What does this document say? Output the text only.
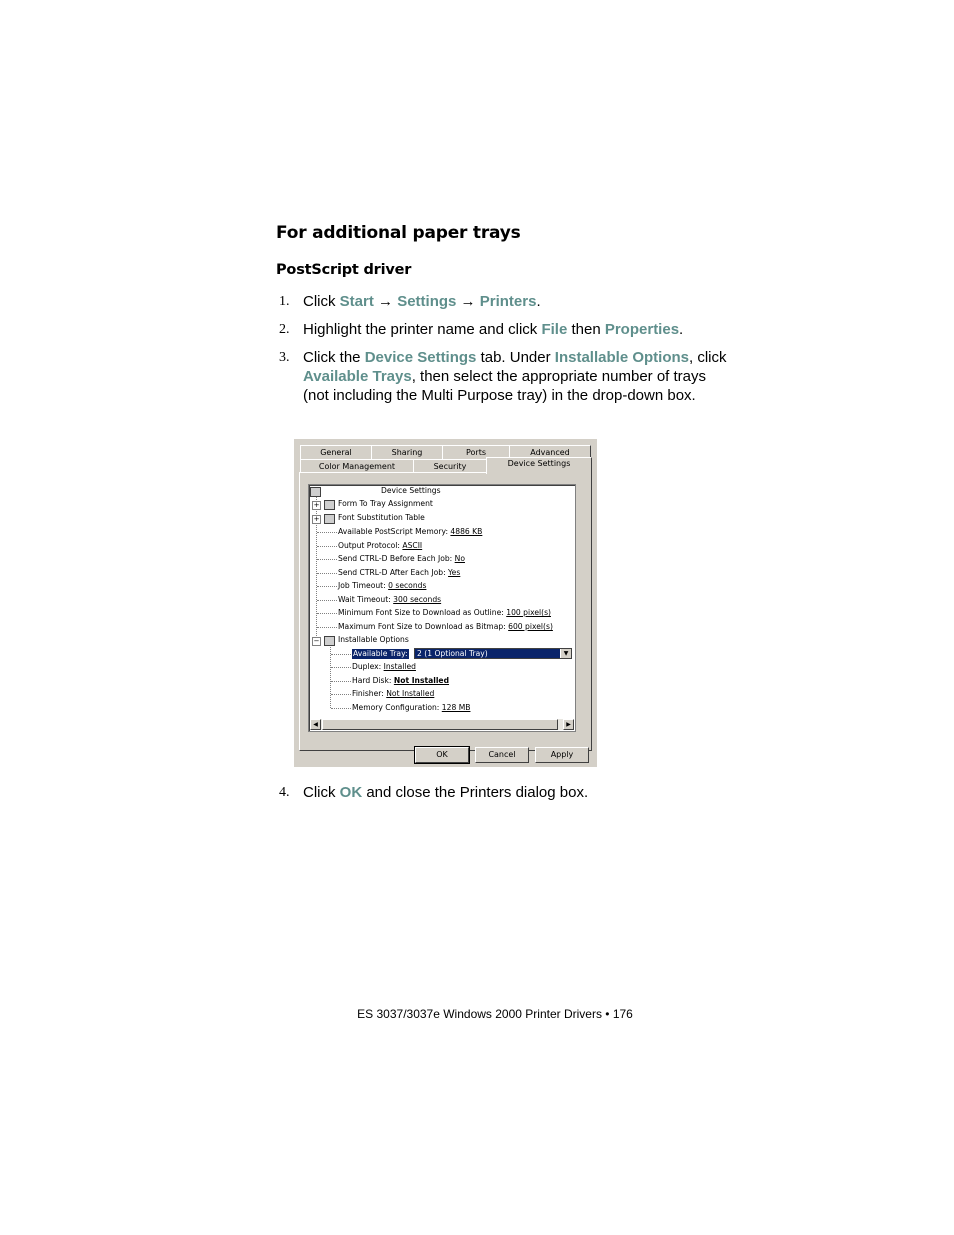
For additional paper trays
PostScript driver
1. Click Start → Settings → Printers.
2. Highlight the printer name and click File then Properties.
3. Click the Device Settings tab. Under Installable Options, click Available Trays, then select the appropriate number of trays (not including the Multi Purpose tray) in the drop-down box.
General	Sharing	Ports	Advanced
Color Management	Security	Device Settings
Device Settings
+ Form To Tray Assignment
+ Font Substitution Table
Available PostScript Memory: 4886 KB
Output Protocol: ASCII
Send CTRL-D Before Each Job: No
Send CTRL-D After Each Job: Yes
Job Timeout: 0 seconds
Wait Timeout: 300 seconds
Minimum Font Size to Download as Outline: 100 pixel(s)
Maximum Font Size to Download as Bitmap: 600 pixel(s)
− Installable Options
Available Tray:	2 (1 Optional Tray)	▼
Duplex: Installed
Hard Disk: Not Installed
Finisher: Not Installed
Memory Configuration: 128 MB
◀	▶
OK	Cancel	Apply
4. Click OK and close the Printers dialog box.
ES 3037/3037e Windows 2000 Printer Drivers • 176
